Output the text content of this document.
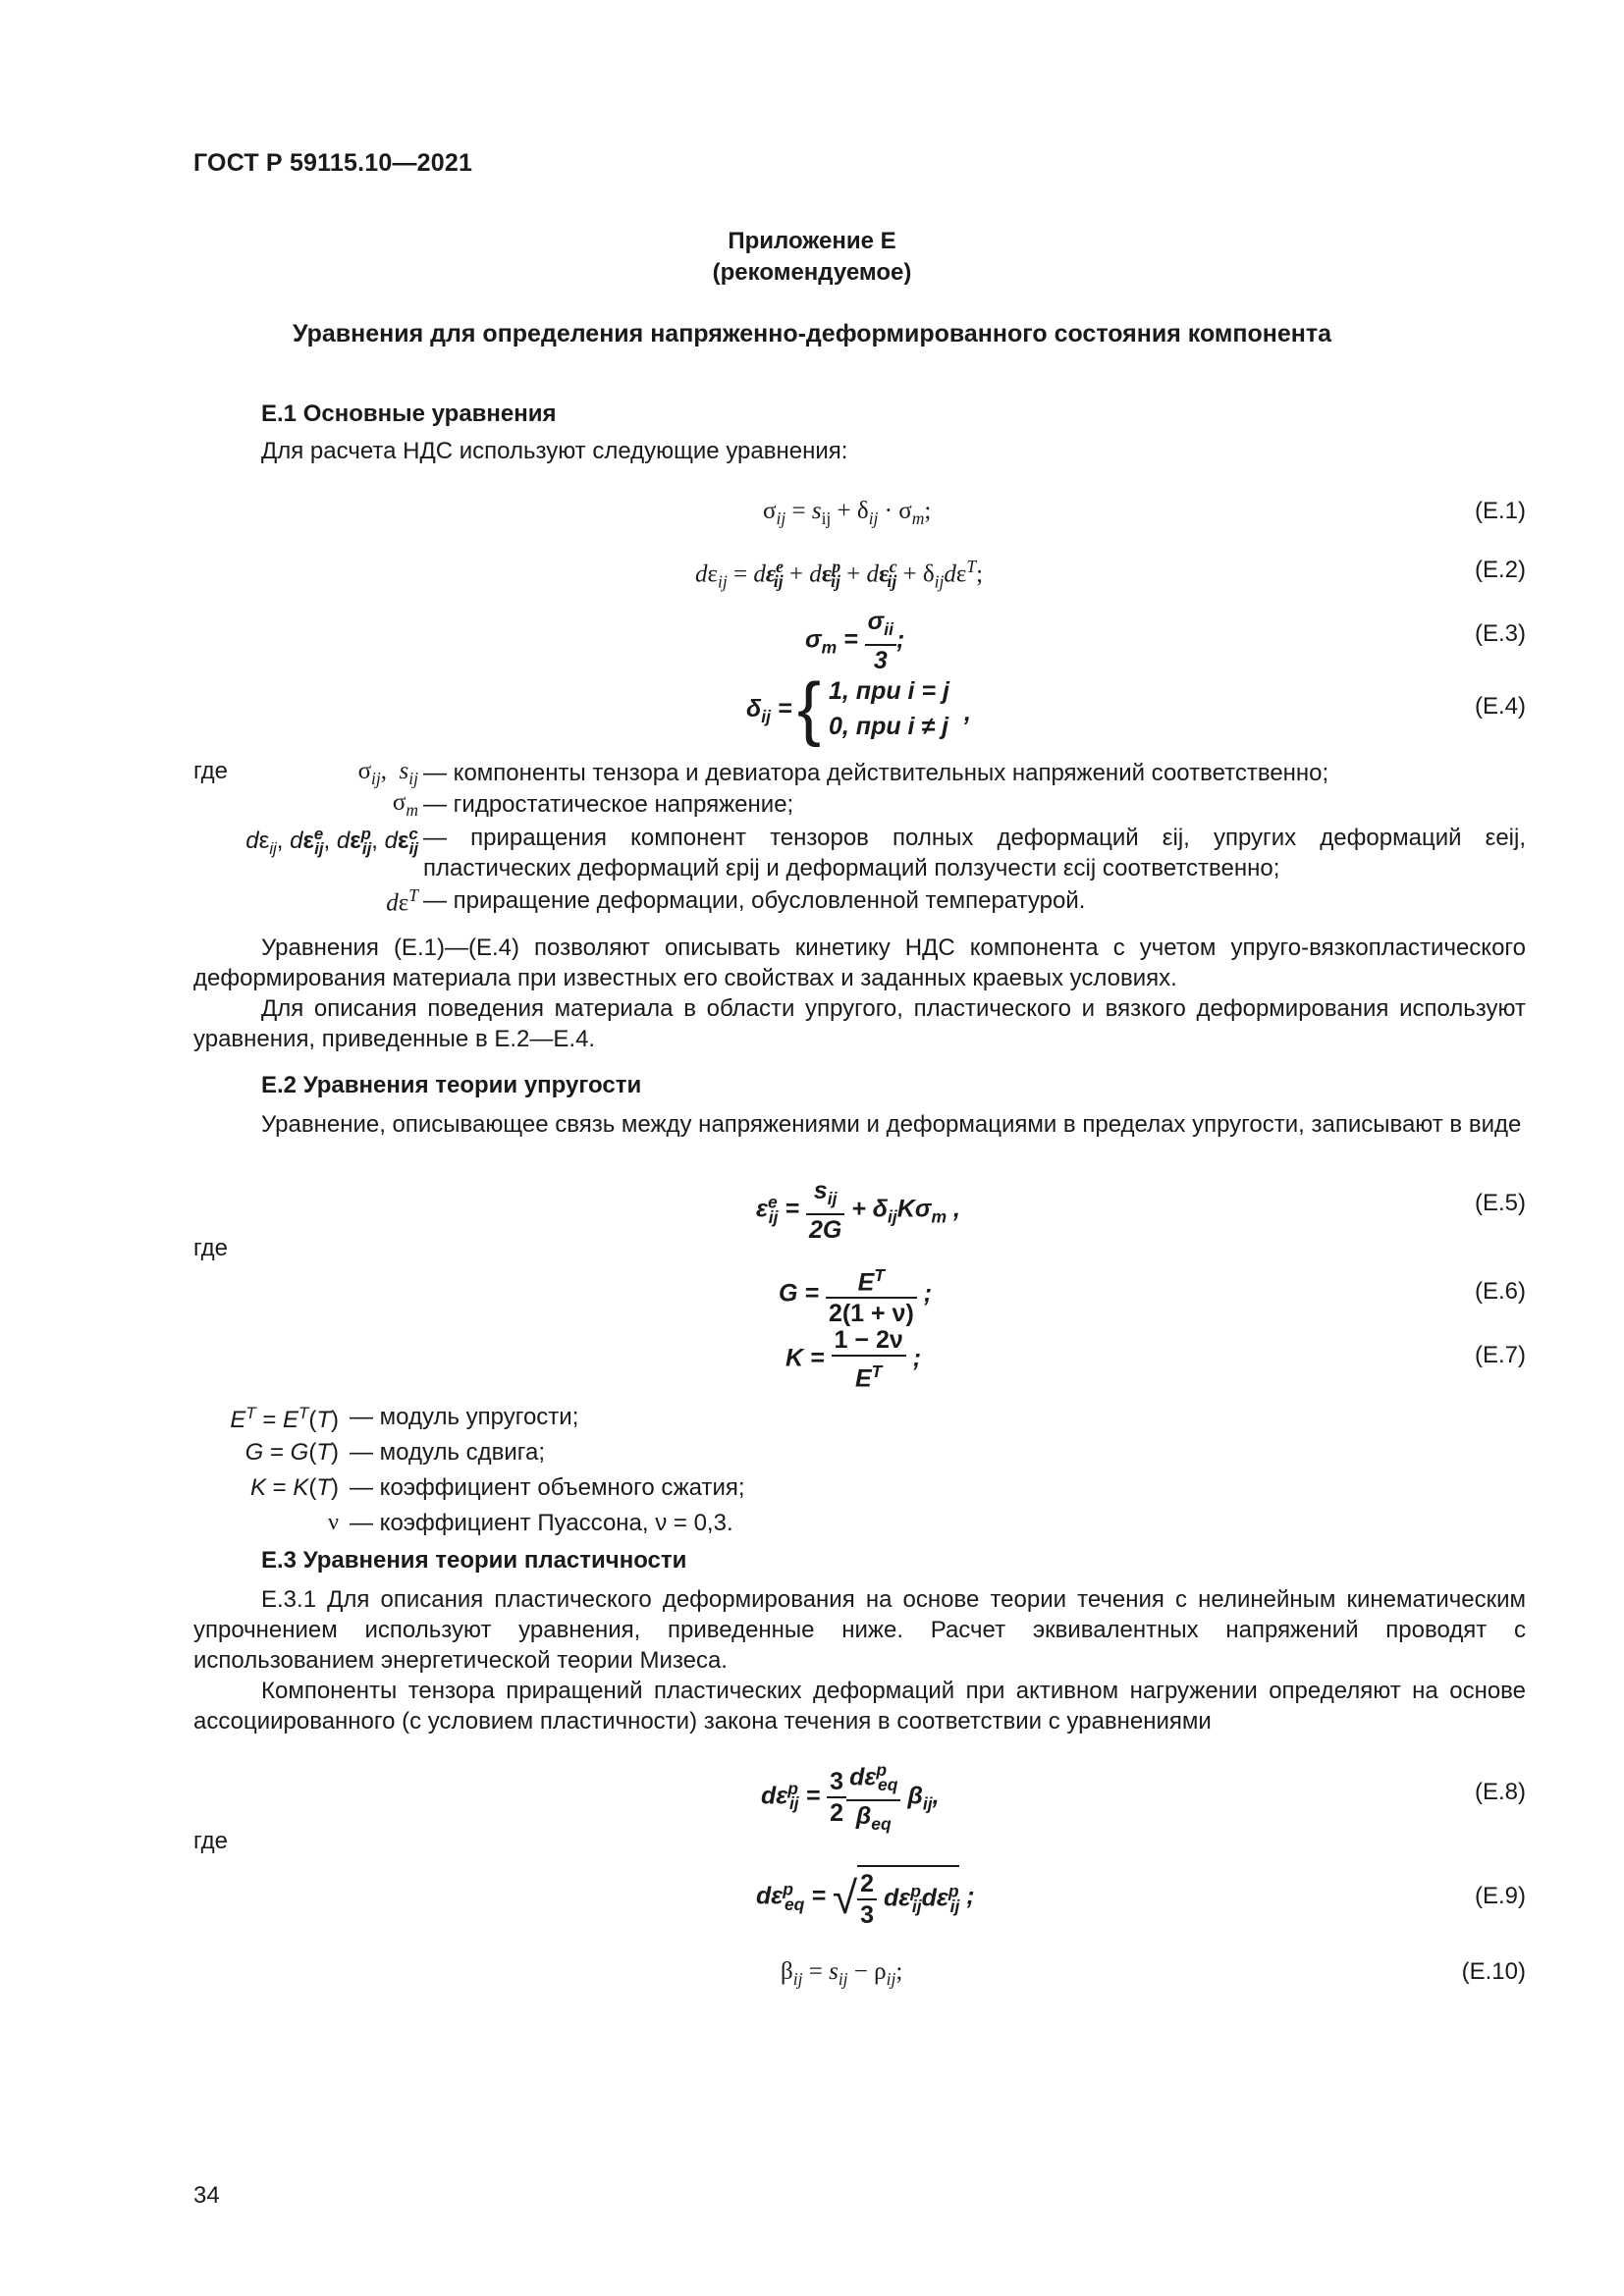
ГОСТ Р 59115.10—2021
Приложение Е
(рекомендуемое)
Уравнения для определения напряженно-деформированного состояния компонента
Е.1 Основные уравнения
Для расчета НДС используют следующие уравнения:
$\sigma_{ij} = s_{ij} + \delta_{ij} \cdot \sigma_m$;	(Е.1)
$d\varepsilon_{ij} = d\varepsilon^e_{ij} + d\varepsilon^p_{ij} + d\varepsilon^c_{ij} + \delta_{ij}d\varepsilon^T$;	(Е.2)
$\sigma_m = \frac{\sigma_{ii}}{3}$ ;	(Е.3)
$\delta_{ij}$ = { 1, при i = j
0, при i ≠ j ,	(Е.4)
где	$\sigma_{ij}$,  $s_{ij}$ — компоненты тензора и девиатора действительных напряжений соответственно;
$\sigma_m$ — гидростатическое напряжение;
$d\varepsilon_{ij}$, $d\varepsilon^e_{ij}$, $d\varepsilon^p_{ij}$, $d\varepsilon^c_{ij}$ — приращения компонент тензоров полных деформаций εij, упругих деформаций εeij, пластических деформаций εpij и деформаций ползучести εcij соответственно;
$d\varepsilon^T$ — приращение деформации, обусловленной температурой.
Уравнения (Е.1)—(Е.4) позволяют описывать кинетику НДС компонента с учетом упруго-вязкопластического деформирования материала при известных его свойствах и заданных краевых условиях.
Для описания поведения материала в области упругого, пластического и вязкого деформирования используют уравнения, приведенные в Е.2—Е.4.
Е.2 Уравнения теории упругости
Уравнение, описывающее связь между напряжениями и деформациями в пределах упругости, записывают в виде
$\varepsilon^e_{ij} = \frac{s_{ij}}{2G} + \delta_{ij}K\sigma_m$ ,	(Е.5)
где
$G = \frac{E^T}{2(1 + \nu)}$ ;	(Е.6)
$K = \frac{1 - 2\nu}{E^T}$ ;	(Е.7)
$E^T = E^T(T)$ — модуль упругости;
G = G(T) — модуль сдвига;
K = K(T) — коэффициент объемного сжатия;
ν — коэффициент Пуассона, ν = 0,3.
Е.3 Уравнения теории пластичности
Е.3.1 Для описания пластического деформирования на основе теории течения с нелинейным кинематическим упрочнением используют уравнения, приведенные ниже. Расчет эквивалентных напряжений проводят с использованием энергетической теории Мизеса.
Компоненты тензора приращений пластических деформаций при активном нагружении определяют на основе ассоциированного (с условием пластичности) закона течения в соответствии с уравнениями
$d\varepsilon^p_{ij} = \frac{3}{2} \frac{d\varepsilon^p_{eq}}{\beta_{eq}} \beta_{ij}$,	(Е.8)
где
$d\varepsilon^p_{eq}$ = √ $\frac{2}{3} d\varepsilon^p_{ij}d\varepsilon^p_{ij}$ ;	(Е.9)
$\beta_{ij} = s_{ij} - \rho_{ij}$;	(Е.10)
34
